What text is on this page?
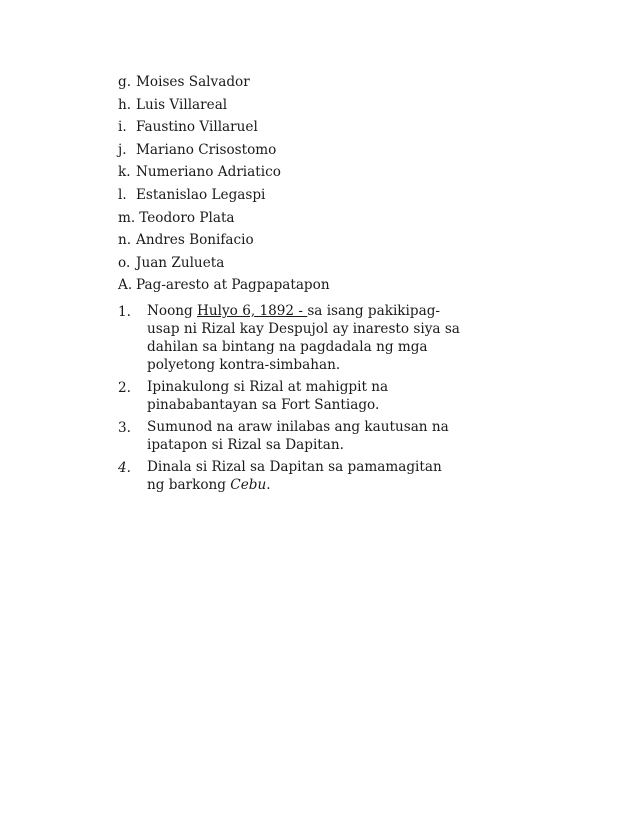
g. Moises Salvador
h. Luis Villareal
i. Faustino Villaruel
j. Mariano Crisostomo
k. Numeriano Adriatico
l. Estanislao Legaspi
m. Teodoro Plata
n. Andres Bonifacio
o. Juan Zulueta
A. Pag-aresto at Pagpapatapon
1.	Noong Hulyo 6, 1892 - sa isang pakikipag-usap ni Rizal kay Despujol ay inaresto siya sa dahilan sa bintang na pagdadala ng mga polyetong kontra-simbahan.
2.	Ipinakulong si Rizal at mahigpit na pinababantayan sa Fort Santiago.
3.	Sumunod na araw inilabas ang kautusan na ipatapon si Rizal sa Dapitan.
4.	Dinala si Rizal sa Dapitan sa pamamagitan ng barkong Cebu.
